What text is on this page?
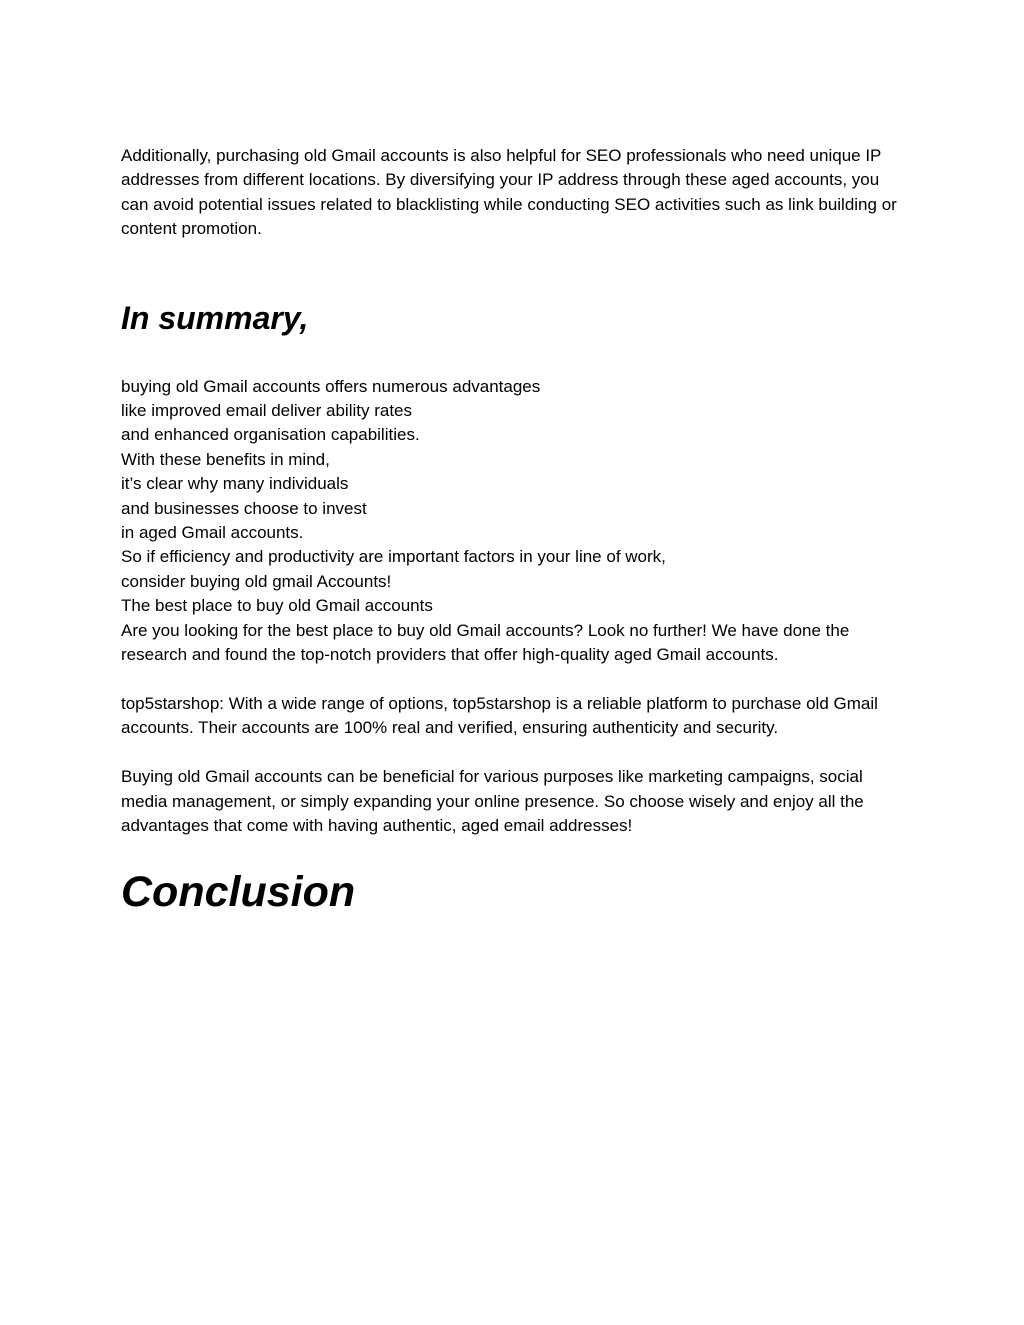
Additionally, purchasing old Gmail accounts is also helpful for SEO professionals who need unique IP addresses from different locations. By diversifying your IP address through these aged accounts, you can avoid potential issues related to blacklisting while conducting SEO activities such as link building or content promotion.

In summary,
buying old Gmail accounts offers numerous advantages
like improved email deliver ability rates
and enhanced organisation capabilities.
With these benefits in mind,
it’s clear why many individuals
and businesses choose to invest
in aged Gmail accounts.
So if efficiency and productivity are important factors in your line of work,
consider buying old gmail Accounts!
The best place to buy old Gmail accounts
Are you looking for the best place to buy old Gmail accounts? Look no further! We have done the research and found the top-notch providers that offer high-quality aged Gmail accounts.

top5starshop: With a wide range of options, top5starshop is a reliable platform to purchase old Gmail accounts. Their accounts are 100% real and verified, ensuring authenticity and security.

Buying old Gmail accounts can be beneficial for various purposes like marketing campaigns, social media management, or simply expanding your online presence. So choose wisely and enjoy all the advantages that come with having authentic, aged email addresses!

Conclusion
